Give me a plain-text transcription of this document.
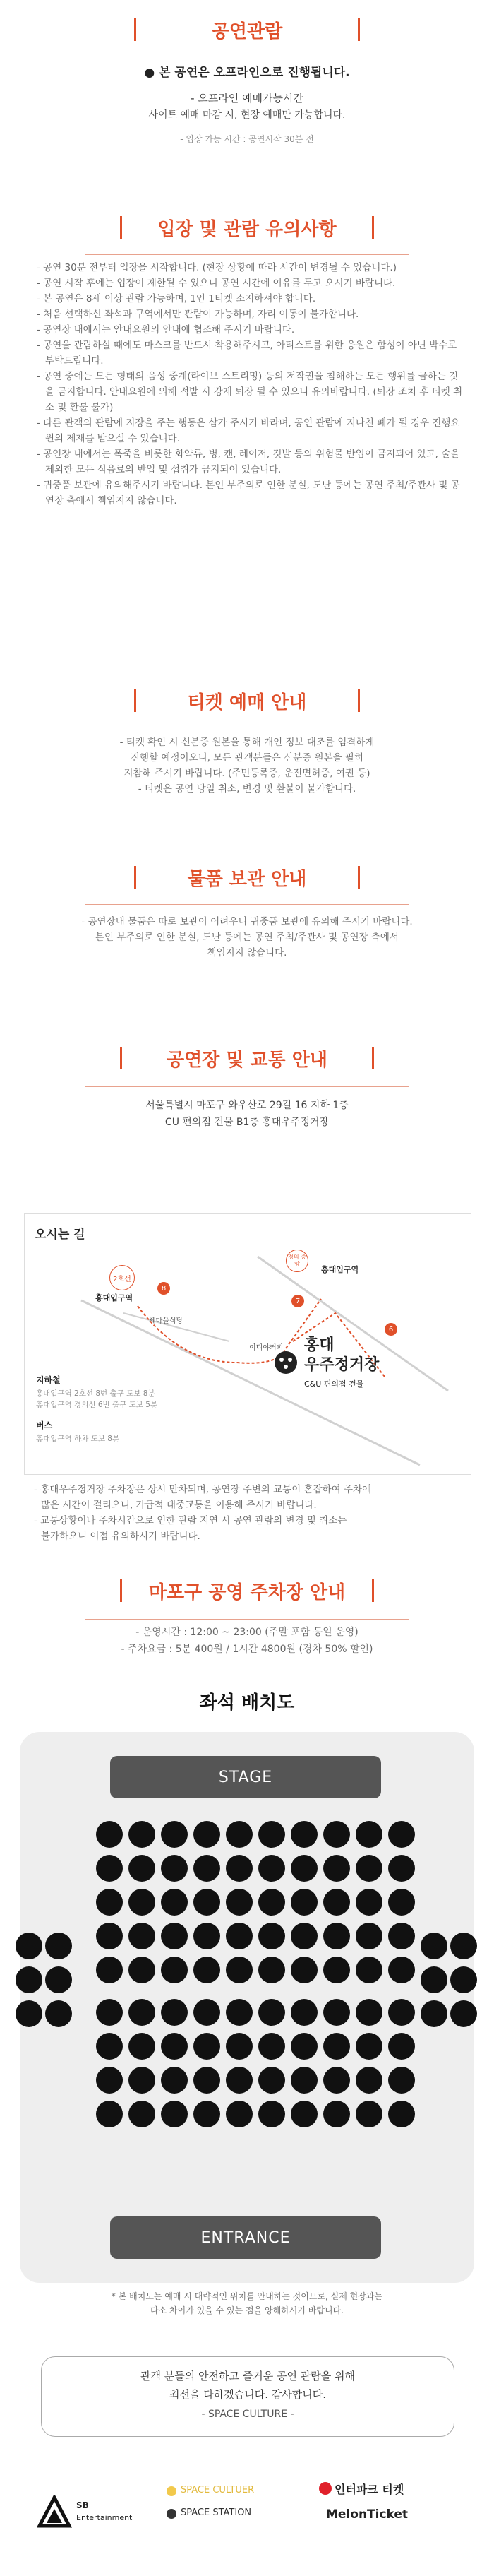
공연관람
● 본 공연은 오프라인으로 진행됩니다.
- 오프라인 예매가능시간
사이트 예매 마감 시, 현장 예매만 가능합니다.
- 입장 가능 시간 : 공연시작 30분 전
입장 및 관람 유의사항
- 공연 30분 전부터 입장을 시작합니다. (현장 상황에 따라 시간이 변경될 수 있습니다.)
- 공연 시작 후에는 입장이 제한될 수 있으니 공연 시간에 여유를 두고 오시기 바랍니다.
- 본 공연은 8세 이상 관람 가능하며, 1인 1티켓 소지하셔야 합니다.
- 처음 선택하신 좌석과 구역에서만 관람이 가능하며, 자리 이동이 불가합니다.
- 공연장 내에서는 안내요원의 안내에 협조해 주시기 바랍니다.
- 공연을 관람하실 때에도 마스크를 반드시 착용해주시고, 아티스트를 위한 응원은 함성이 아닌 박수로 부탁드립니다.
- 공연 중에는 모든 형태의 음성 중계(라이브 스트리밍) 등의 저작권을 침해하는 모든 행위를 금하는 것을 금지합니다. 안내요원에 의해 적발 시 강제 퇴장 될 수 있으니 유의바랍니다. (퇴장 조치 후 티켓 취소 및 환불 불가)
- 다른 관객의 관람에 지장을 주는 행동은 삼가 주시기 바라며, 공연 관람에 지나친 폐가 될 경우 진행요원의 제재를 받으실 수 있습니다.
- 공연장 내에서는 폭죽을 비롯한 화약류, 병, 캔, 레이저, 깃발 등의 위험물 반입이 금지되어 있고, 술을 제외한 모든 식음료의 반입 및 섭취가 금지되어 있습니다.
- 귀중품 보관에 유의해주시기 바랍니다. 본인 부주의로 인한 분실, 도난 등에는 공연 주최/주관사 및 공연장 측에서 책임지지 않습니다.
티켓 예매 안내
- 티켓 확인 시 신분증 원본을 통해 개인 정보 대조를 엄격하게
진행할 예정이오니, 모든 관객분들은 신분증 원본을 필히
지참해 주시기 바랍니다. (주민등록증, 운전면허증, 여권 등)
- 티켓은 공연 당일 취소, 변경 및 환불이 불가합니다.
물품 보관 안내
- 공연장내 물품은 따로 보관이 어려우니 귀중품 보관에 유의해 주시기 바랍니다.
본인 부주의로 인한 분실, 도난 등에는 공연 주최/주관사 및 공연장 측에서
책임지지 않습니다.
공연장 및 교통 안내
서울특별시 마포구 와우산로 29길 16 지하 1층
CU 편의점 건물 B1층 홍대우주정거장
오시는 길
2호선
홍대입구역
8
세마을식당
이디야커피
경의 중앙
홍대입구역
7
6
홍대
우주정거장
C&U 편의점 건물
지하철
홍대입구역 2호선 8번 출구 도보 8분
홍대입구역 경의선 6번 출구 도보 5분
버스
홍대입구역 하차 도보 8분
- 홍대우주정거장 주차장은 상시 만차되며, 공연장 주변의 교통이 혼잡하여 주차에
많은 시간이 걸리오니, 가급적 대중교통을 이용해 주시기 바랍니다.
- 교통상황이나 주차시간으로 인한 관람 지연 시 공연 관람의 변경 및 취소는
불가하오니 이점 유의하시기 바랍니다.
마포구 공영 주차장 안내
- 운영시간 : 12:00 ~ 23:00 (주말 포함 동일 운영)
- 주차요금 : 5분 400원 / 1시간 4800원 (경차 50% 할인)
좌석 배치도
STAGE
ENTRANCE
* 본 배치도는 예매 시 대략적인 위치를 안내하는 것이므로, 실제 현장과는
다소 차이가 있을 수 있는 점을 양해하시기 바랍니다.
관객 분들의 안전하고 즐거운 공연 관람을 위해
최선을 다하겠습니다. 감사합니다.
- SPACE CULTURE -
SB
Entertainment
SPACE CULTUER
SPACE STATION
인터파크 티켓
MelonTicket
